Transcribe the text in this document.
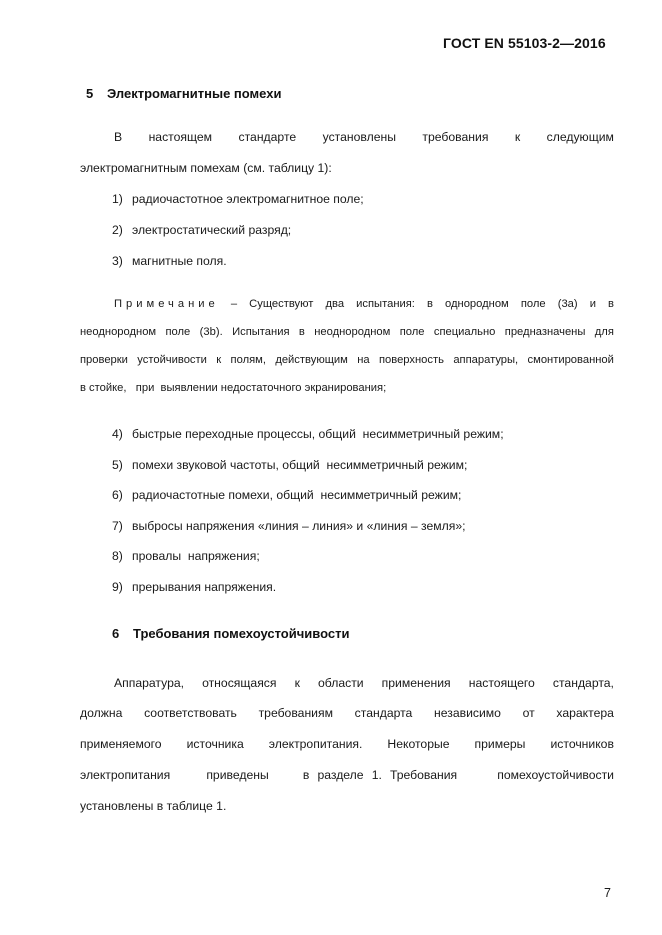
ГОСТ EN 55103-2—2016
5 Электромагнитные помехи
В настоящем стандарте установлены требования к следующим
электромагнитным помехам (см. таблицу 1):
1) радиочастотное электромагнитное поле;
2) электростатический разряд;
3) магнитные поля.
Примечание – Существуют два испытания: в однородном поле (3а) и в
неоднородном поле (3b). Испытания в неоднородном поле специально предназначены для
проверки устойчивости к полям, действующим на поверхность аппаратуры, смонтированной
в стойке,   при  выявлении недостаточного экранирования;
4) быстрые переходные процессы, общий  несимметричный режим;
5) помехи звуковой частоты, общий  несимметричный режим;
6) радиочастотные помехи, общий  несимметричный режим;
7) выбросы напряжения «линия – линия» и «линия – земля»;
8) провалы  напряжения;
9) прерывания напряжения.
6 Требования помехоустойчивости
Аппаратура, относящаяся к области применения настоящего стандарта,
должна соответствовать требованиям стандарта независимо от характера
применяемого источника электропитания. Некоторые примеры источников
электропитания	приведены	в разделе 1. Требования	помехоустойчивости
установлены в таблице 1.
7
